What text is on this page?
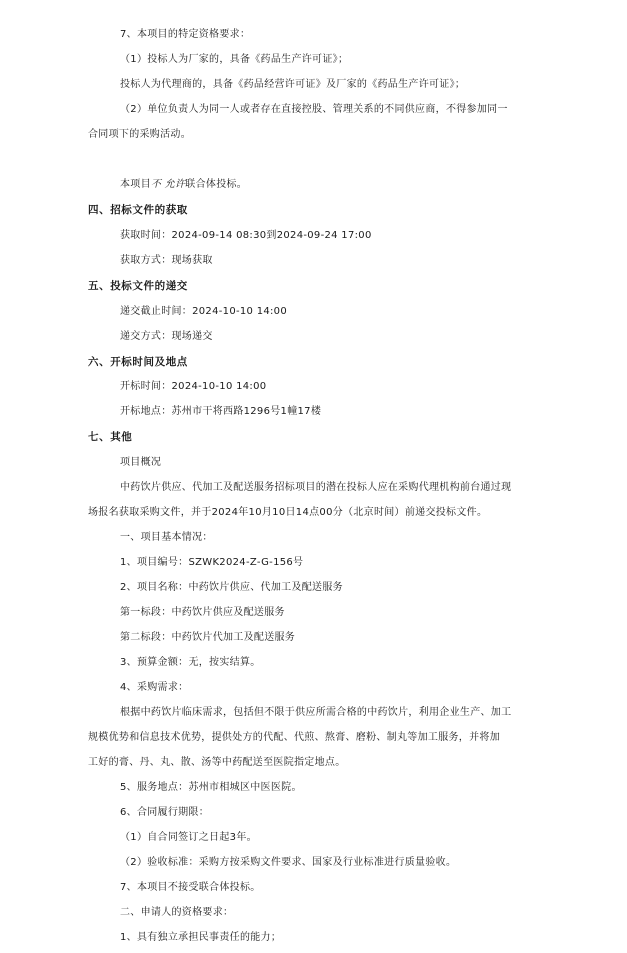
7、本项目的特定资格要求：
（1）投标人为厂家的，具备《药品生产许可证》；
投标人为代理商的，具备《药品经营许可证》及厂家的《药品生产许可证》；
（2）单位负责人为同一人或者存在直接控股、管理关系的不同供应商，不得参加同一
合同项下的采购活动。
本项目不 允许联合体投标。
四、招标文件的获取
获取时间：2024-09-14 08:30到2024-09-24 17:00
获取方式：现场获取
五、投标文件的递交
递交截止时间：2024-10-10 14:00
递交方式：现场递交
六、开标时间及地点
开标时间：2024-10-10 14:00
开标地点：苏州市干将西路1296号1幢17楼
七、其他
项目概况
中药饮片供应、代加工及配送服务招标项目的潜在投标人应在采购代理机构前台通过现
场报名获取采购文件，并于2024年10月10日14点00分（北京时间）前递交投标文件。
一、项目基本情况：
1、项目编号：SZWK2024-Z-G-156号
2、项目名称：中药饮片供应、代加工及配送服务
第一标段：中药饮片供应及配送服务
第二标段：中药饮片代加工及配送服务
3、预算金额：无，按实结算。
4、采购需求：
根据中药饮片临床需求，包括但不限于供应所需合格的中药饮片，利用企业生产、加工
规模优势和信息技术优势，提供处方的代配、代煎、熬膏、磨粉、制丸等加工服务，并将加
工好的膏、丹、丸、散、汤等中药配送至医院指定地点。
5、服务地点：苏州市相城区中医医院。
6、合同履行期限：
（1）自合同签订之日起3年。
（2）验收标准：采购方按采购文件要求、国家及行业标准进行质量验收。
7、本项目不接受联合体投标。
二、申请人的资格要求：
1、具有独立承担民事责任的能力；
